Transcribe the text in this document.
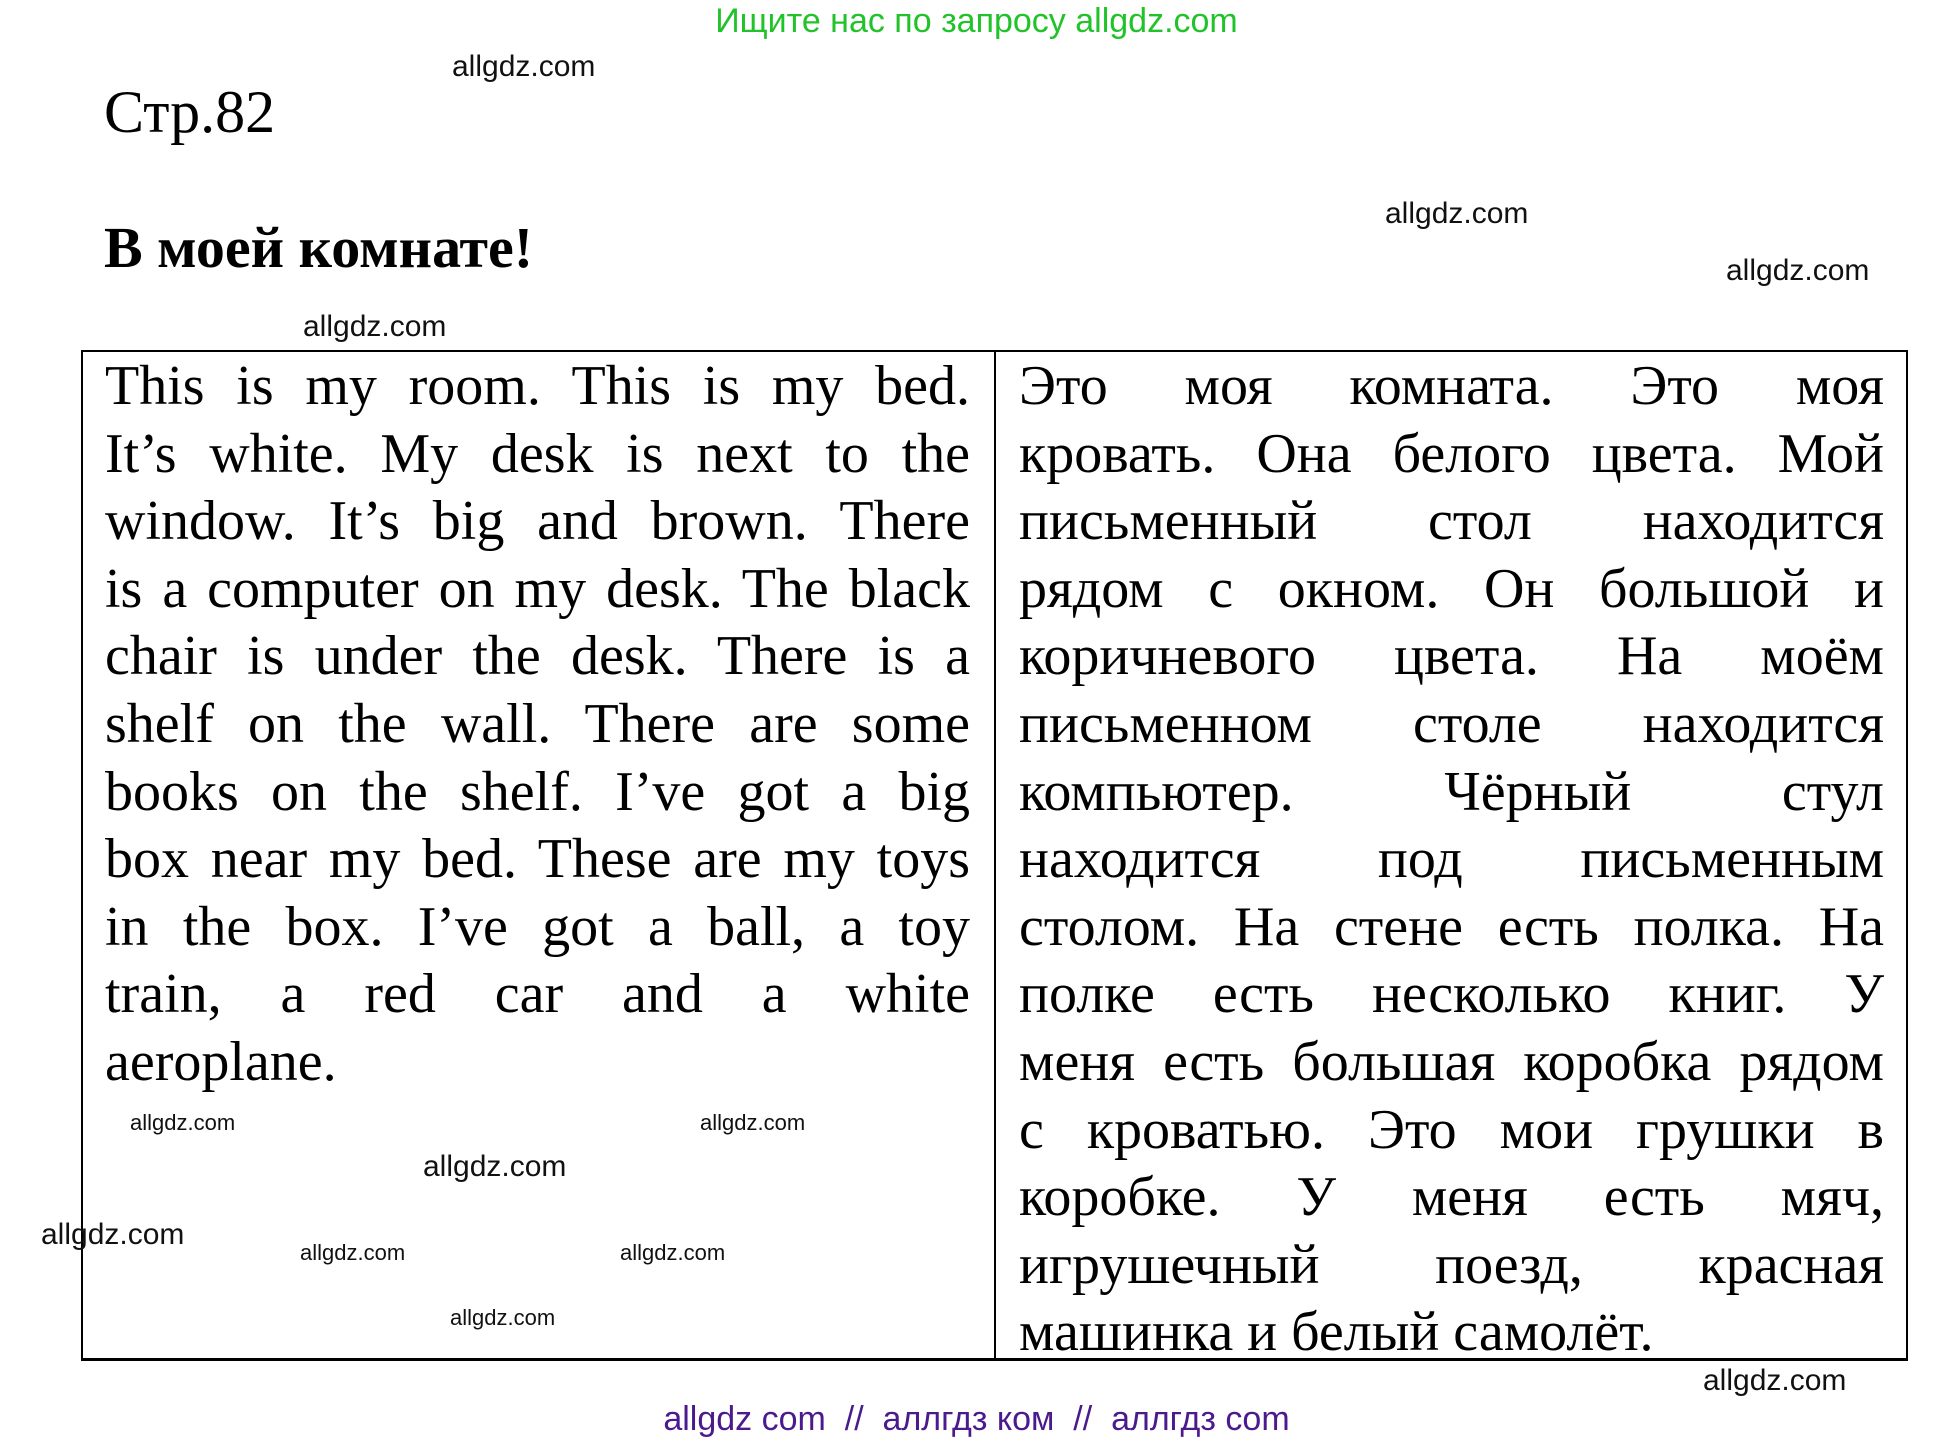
Ищите нас по запросу allgdz.com
Стр.82
В моей комнате!
This is my room. This is my bed.
It’s white. My desk is next to the
window. It’s big and brown. There
is a computer on my desk. The black
chair is under the desk. There is a
shelf on the wall. There are some
books on the shelf. I’ve got a big
box near my bed. These are my toys
in the box. I’ve got a ball, a toy
train, a red car and a white
aeroplane.
Это моя комната. Это моя
кровать. Она белого цвета. Мой
письменный стол находится
рядом с окном. Он большой и
коричневого цвета. На моём
письменном столе находится
компьютер. Чёрный стул
находится под письменным
столом. На стене есть полка. На
полке есть несколько книг. У
меня есть большая коробка рядом
с кроватью. Это мои грушки в
коробке. У меня есть мяч,
игрушечный поезд, красная
машинка и белый самолёт.
allgdz.com
allgdz.com
allgdz.com
allgdz.com
allgdz.com	allgdz.com
allgdz.com	allgdz.com
allgdz.com
allgdz.com
allgdz.com
allgdz.com
allgdz com  //  аллгдз ком  //  аллгдз com
